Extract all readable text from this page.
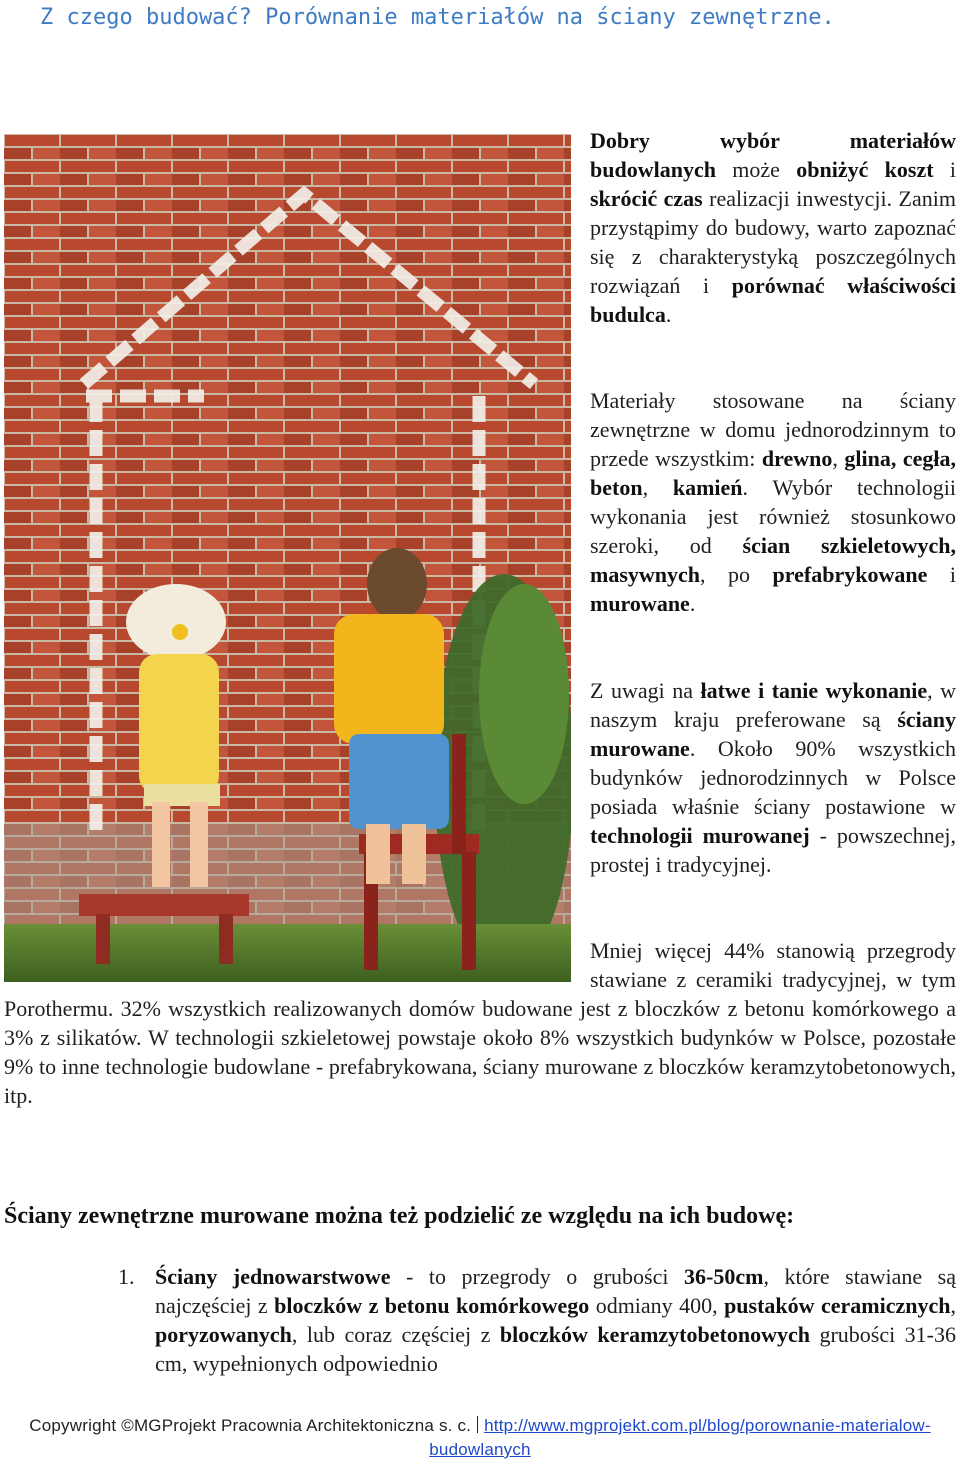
Z czego budować? Porównanie materiałów na ściany zewnętrzne.

Dobry wybór materiałów budowlanych może obniżyć koszt i skrócić czas realizacji inwestycji. Zanim przystąpimy do budowy, warto zapoznać się z charakterystyką poszczególnych rozwiązań i porównać właściwości budulca.

Materiały stosowane na ściany zewnętrzne w domu jednorodzinnym to przede wszystkim: drewno, glina, cegła, beton, kamień. Wybór technologii wykonania jest również stosunkowo szeroki, od ścian szkieletowych, masywnych, po prefabrykowane i murowane.

Z uwagi na łatwe i tanie wykonanie, w naszym kraju preferowane są ściany murowane. Około 90% wszystkich budynków jednorodzinnych w Polsce posiada właśnie ściany postawione w technologii murowanej - powszechnej, prostej i tradycyjnej.

Mniej więcej 44% stanowią przegrody stawiane z ceramiki tradycyjnej, w tym Porothermu. 32% wszystkich realizowanych domów budowane jest z bloczków z betonu komórkowego a 3% z silikatów. W technologii szkieletowej powstaje około 8% wszystkich budynków w Polsce, pozostałe 9% to inne technologie budowlane - prefabrykowana, ściany murowane z bloczków keramzytobetonowych, itp.

Ściany zewnętrzne murowane można też podzielić ze względu na ich budowę:
1. Ściany jednowarstwowe - to przegrody o grubości 36-50cm, które stawiane są najczęściej z bloczków z betonu komórkowego odmiany 400, pustaków ceramicznych, poryzowanych, lub coraz częściej z bloczków keramzytobetonowych grubości 31-36 cm, wypełnionych odpowiednio

Copywright ©MGProjekt Pracownia Architektoniczna s. c. http://www.mgprojekt.com.pl/blog/porownanie-materialow-budowlanych
